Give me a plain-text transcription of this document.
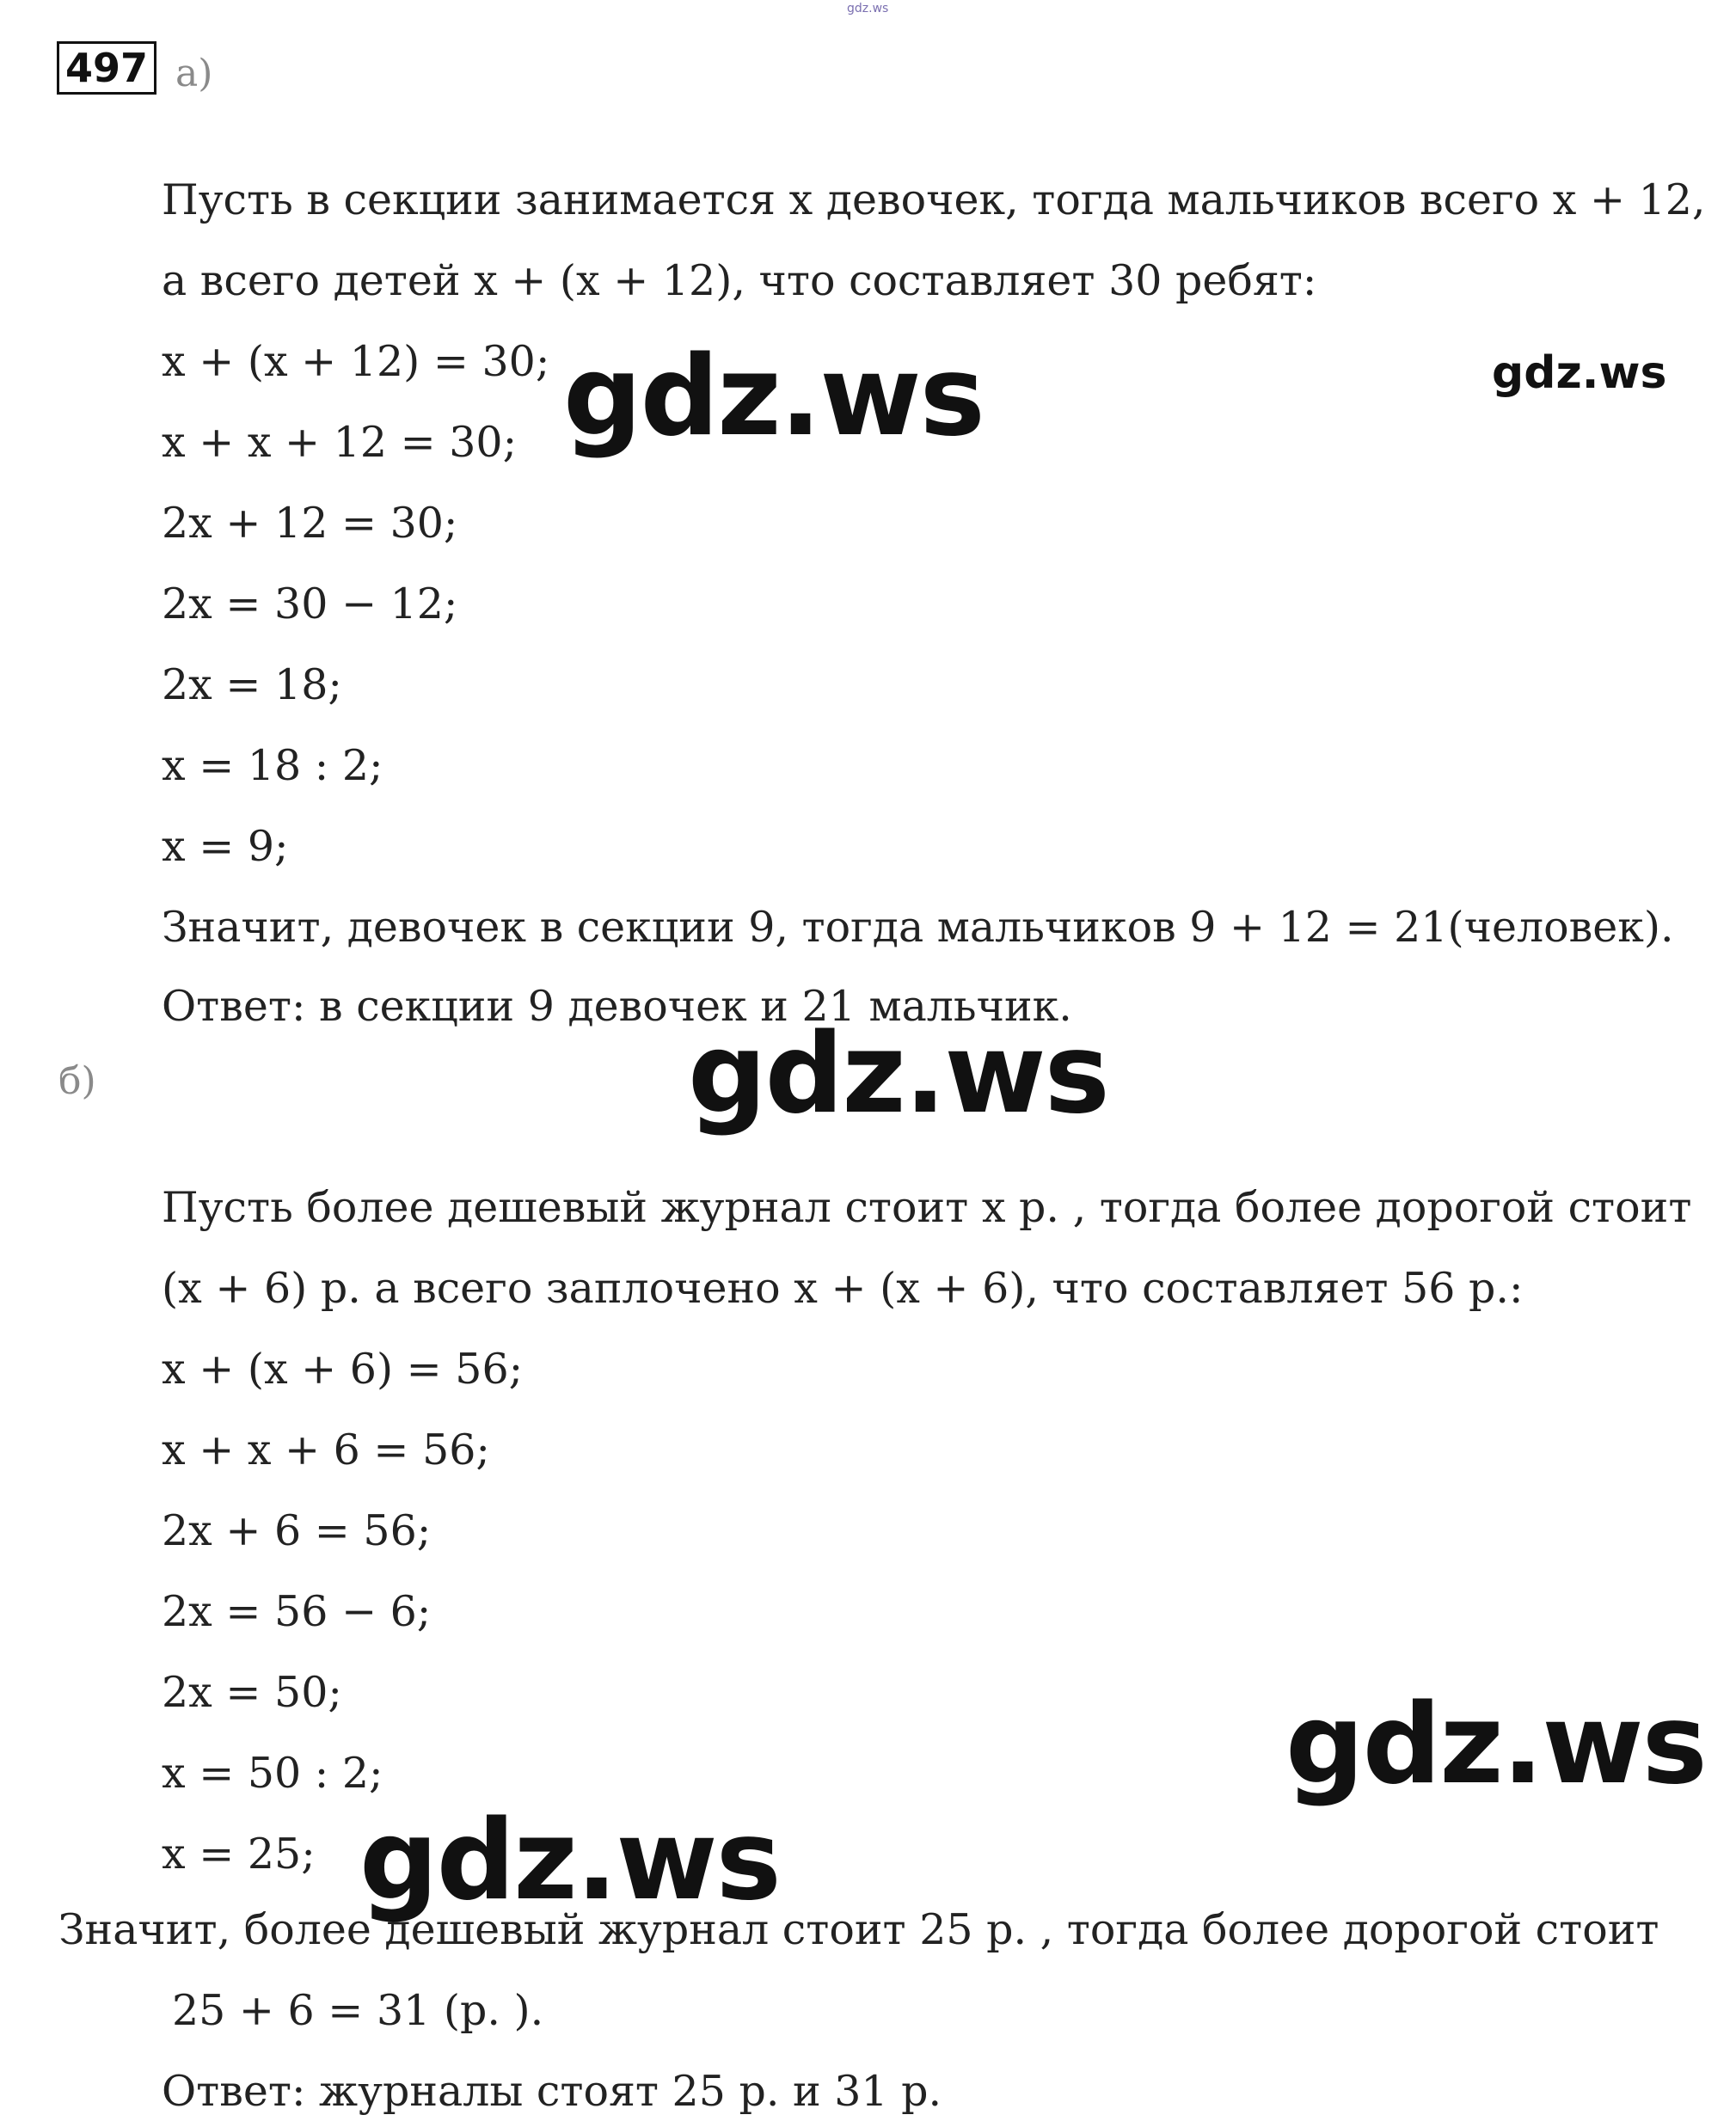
gdz.ws
497 а)

Пусть в секции занимается x девочек, тогда мальчиков всего x + 12,

а всего детей x + (x + 12), что составляет 30 ребят:

x + (x + 12) = 30;

x + x + 12 = 30;

2x + 12 = 30;

2x = 30 − 12;

2x = 18;

x = 18 : 2;

x = 9;

Значит, девочек в секции 9, тогда мальчиков 9 + 12 = 21(человек).

Ответ: в секции 9 девочек и 21 мальчик.

б)

Пусть более дешевый журнал стоит x р. , тогда более дорогой стоит

(x + 6) р. а всего заплочено x + (x + 6), что составляет 56 р.:

x + (x + 6) = 56;

x + x + 6 = 56;

2x + 6 = 56;

2x = 56 − 6;

2x = 50;

x = 50 : 2;

x = 25;

Значит, более дешевый журнал стоит 25 р. , тогда более дорогой стоит

25 + 6 = 31 (р. ).

Ответ: журналы стоят 25 р. и 31 р.

gdz.ws	gdz.ws
gdz.ws
gdz.ws
gdz.ws
